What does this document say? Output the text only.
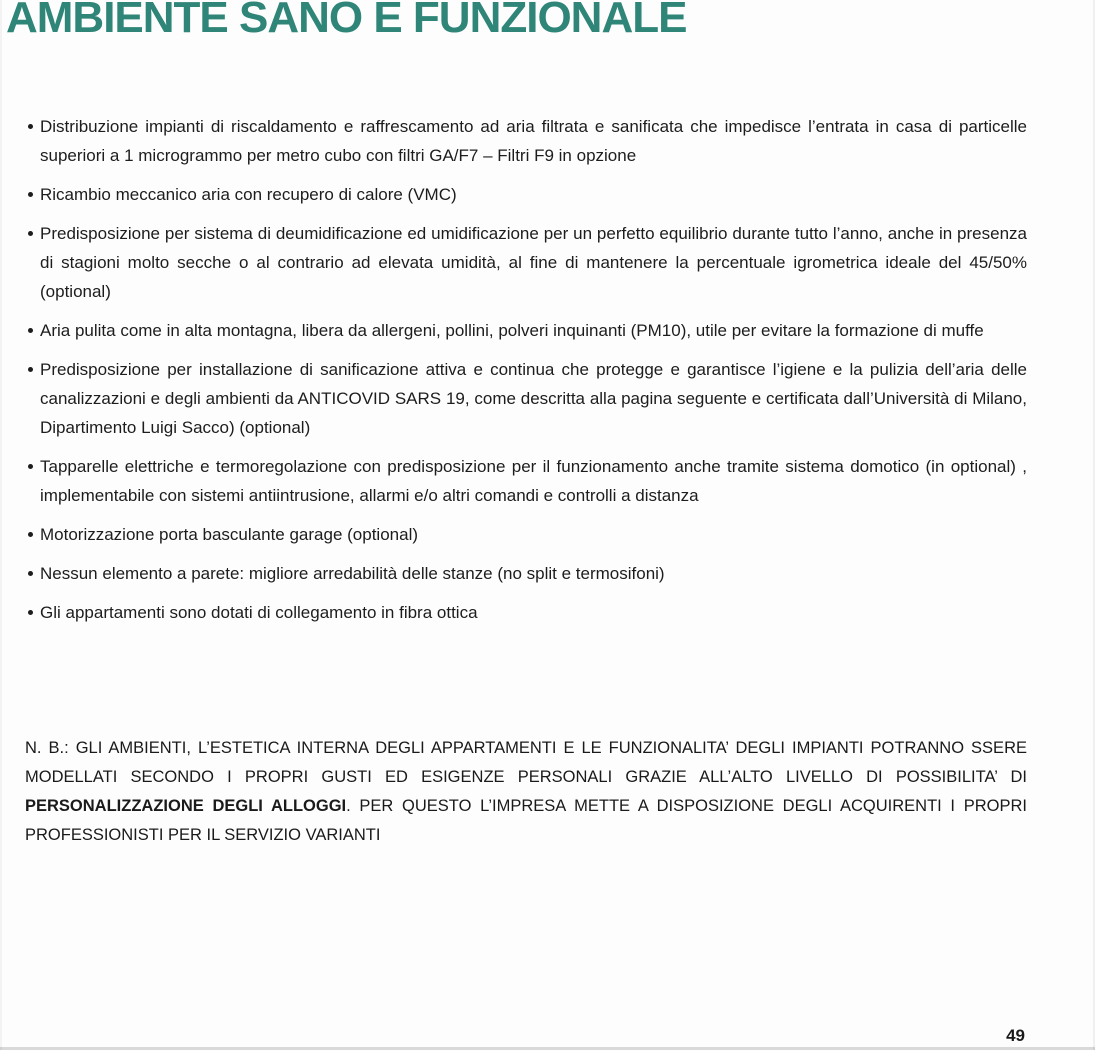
AMBIENTE SANO E FUNZIONALE
Distribuzione impianti di riscaldamento e raffrescamento ad aria filtrata e sanificata che impedisce l’entrata in casa di particelle superiori a 1 microgrammo per metro cubo con filtri GA/F7 – Filtri F9 in opzione
Ricambio meccanico aria con recupero di calore (VMC)
Predisposizione per sistema di deumidificazione ed umidificazione per un perfetto equilibrio durante tutto l’anno, anche in presenza di stagioni molto secche o al contrario ad elevata umidità, al fine di mantenere la percentuale igrometrica ideale del 45/50% (optional)
Aria pulita come in alta montagna, libera da allergeni, pollini, polveri inquinanti (PM10), utile per evitare la formazione di muffe
Predisposizione per installazione di sanificazione attiva e continua che protegge e garantisce l’igiene e la pulizia dell’aria delle canalizzazioni e degli ambienti da ANTICOVID SARS 19, come descritta alla pagina seguente e certificata dall’Università di Milano, Dipartimento Luigi Sacco) (optional)
Tapparelle elettriche e termoregolazione con predisposizione per il funzionamento anche tramite sistema domotico (in optional) , implementabile con sistemi antiintrusione, allarmi e/o altri comandi e controlli a distanza
Motorizzazione porta basculante garage (optional)
Nessun elemento a parete: migliore arredabilità delle stanze (no split e termosifoni)
Gli appartamenti sono dotati di collegamento in fibra ottica

N. B.: GLI AMBIENTI, L’ESTETICA INTERNA DEGLI APPARTAMENTI E LE FUNZIONALITA’ DEGLI IMPIANTI POTRANNO SSERE MODELLATI SECONDO I PROPRI GUSTI ED ESIGENZE PERSONALI GRAZIE ALL’ALTO LIVELLO DI POSSIBILITA’ DI PERSONALIZZAZIONE DEGLI ALLOGGI. PER QUESTO L’IMPRESA METTE A DISPOSIZIONE DEGLI ACQUIRENTI I PROPRI PROFESSIONISTI PER IL SERVIZIO VARIANTI

49
